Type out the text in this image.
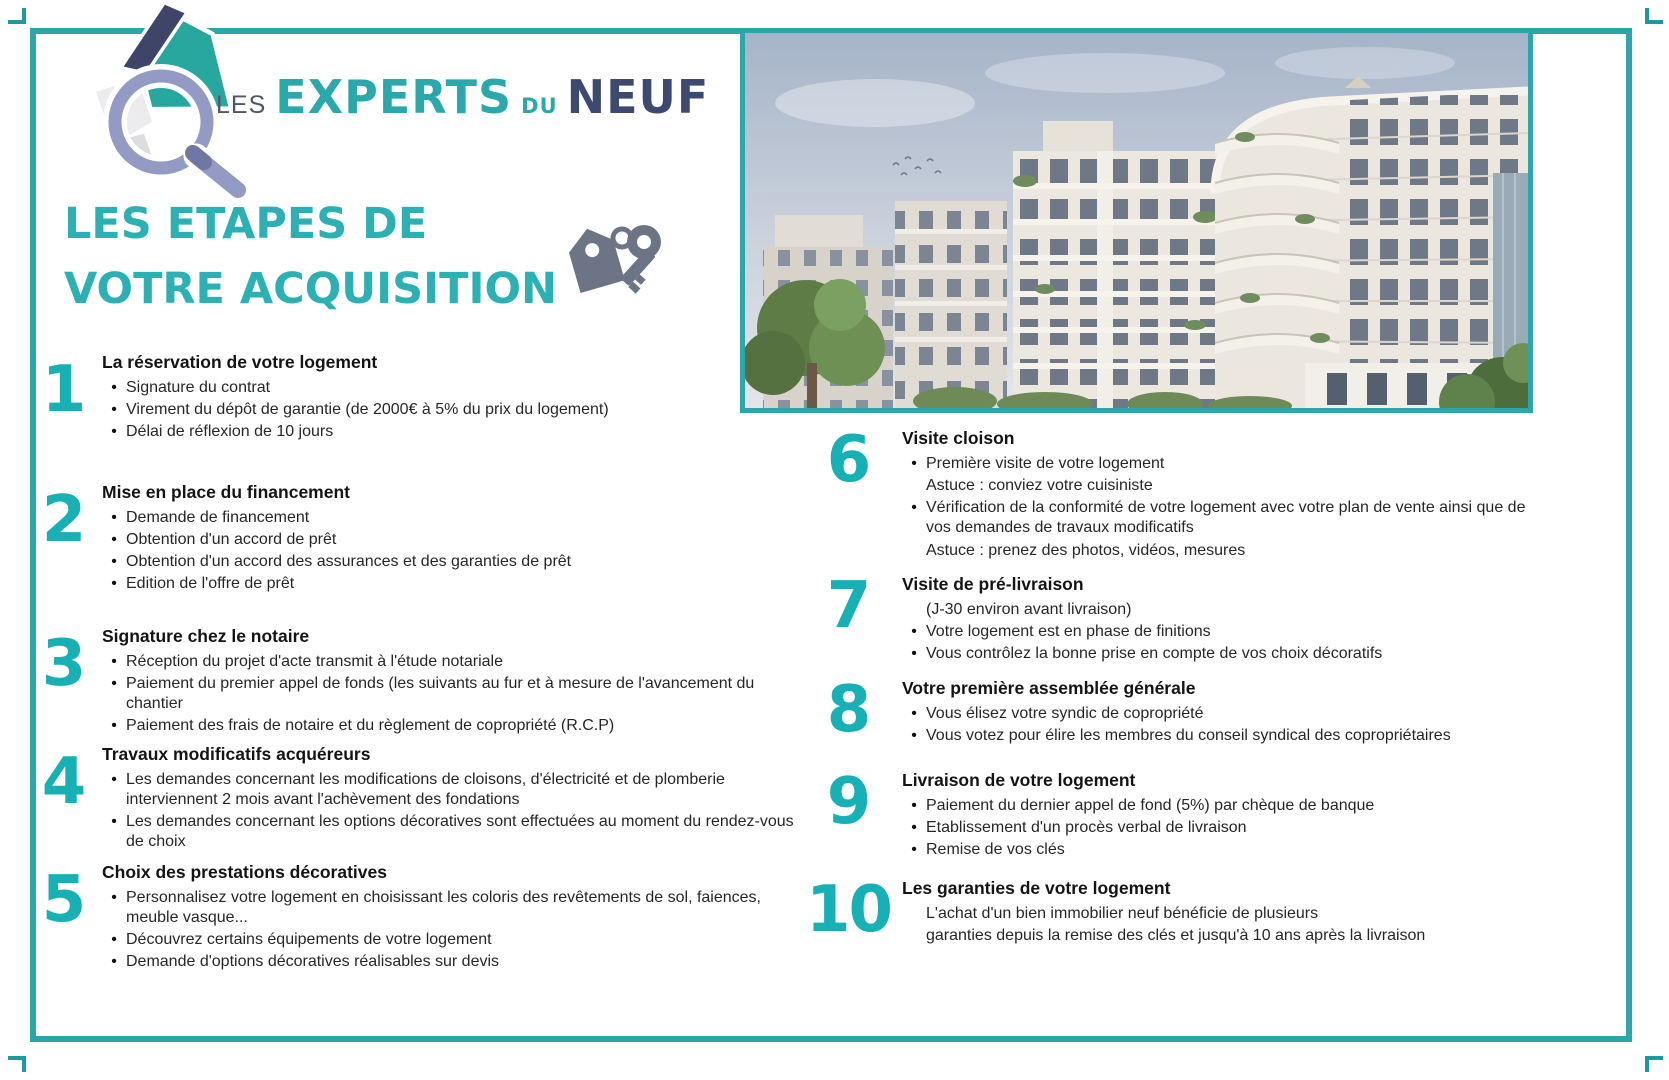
LES EXPERTS DU NEUF
LES ETAPES DE
VOTRE ACQUISITION
1	La réservation de votre logement
• Signature du contrat
• Virement du dépôt de garantie (de 2000€ à 5% du prix du logement)
• Délai de réflexion de 10 jours
2	Mise en place du financement
• Demande de financement
• Obtention d'un accord de prêt
• Obtention d'un accord des assurances et des garanties de prêt
• Edition de l'offre de prêt
3	Signature chez le notaire
• Réception du projet d'acte transmit à l'étude notariale
• Paiement du premier appel de fonds (les suivants au fur et à mesure de l'avancement du chantier
• Paiement des frais de notaire et du règlement de copropriété (R.C.P)
4	Travaux modificatifs acquéreurs
• Les demandes concernant les modifications de cloisons, d'électricité et de plomberie interviennent 2 mois avant l'achèvement des fondations
• Les demandes concernant les options décoratives sont effectuées au moment du rendez-vous de choix
5	Choix des prestations décoratives
• Personnalisez votre logement en choisissant les coloris des revêtements de sol, faiences, meuble vasque...
• Découvrez certains équipements de votre logement
• Demande d'options décoratives réalisables sur devis
6	Visite cloison
• Première visite de votre logement
Astuce : conviez votre cuisiniste
• Vérification de la conformité de votre logement avec votre plan de vente ainsi que de vos demandes de travaux modificatifs
Astuce : prenez des photos, vidéos, mesures
7	Visite de pré-livraison
(J-30 environ avant livraison)
• Votre logement est en phase de finitions
• Vous contrôlez la bonne prise en compte de vos choix décoratifs
8	Votre première assemblée générale
• Vous élisez votre syndic de copropriété
• Vous votez pour élire les membres du conseil syndical des copropriétaires
9	Livraison de votre logement
• Paiement du dernier appel de fond (5%) par chèque de banque
• Etablissement d'un procès verbal de livraison
• Remise de vos clés
10 Les garanties de votre logement
L'achat d'un bien immobilier neuf bénéficie de plusieurs
garanties depuis la remise des clés et jusqu'à 10 ans après la livraison
